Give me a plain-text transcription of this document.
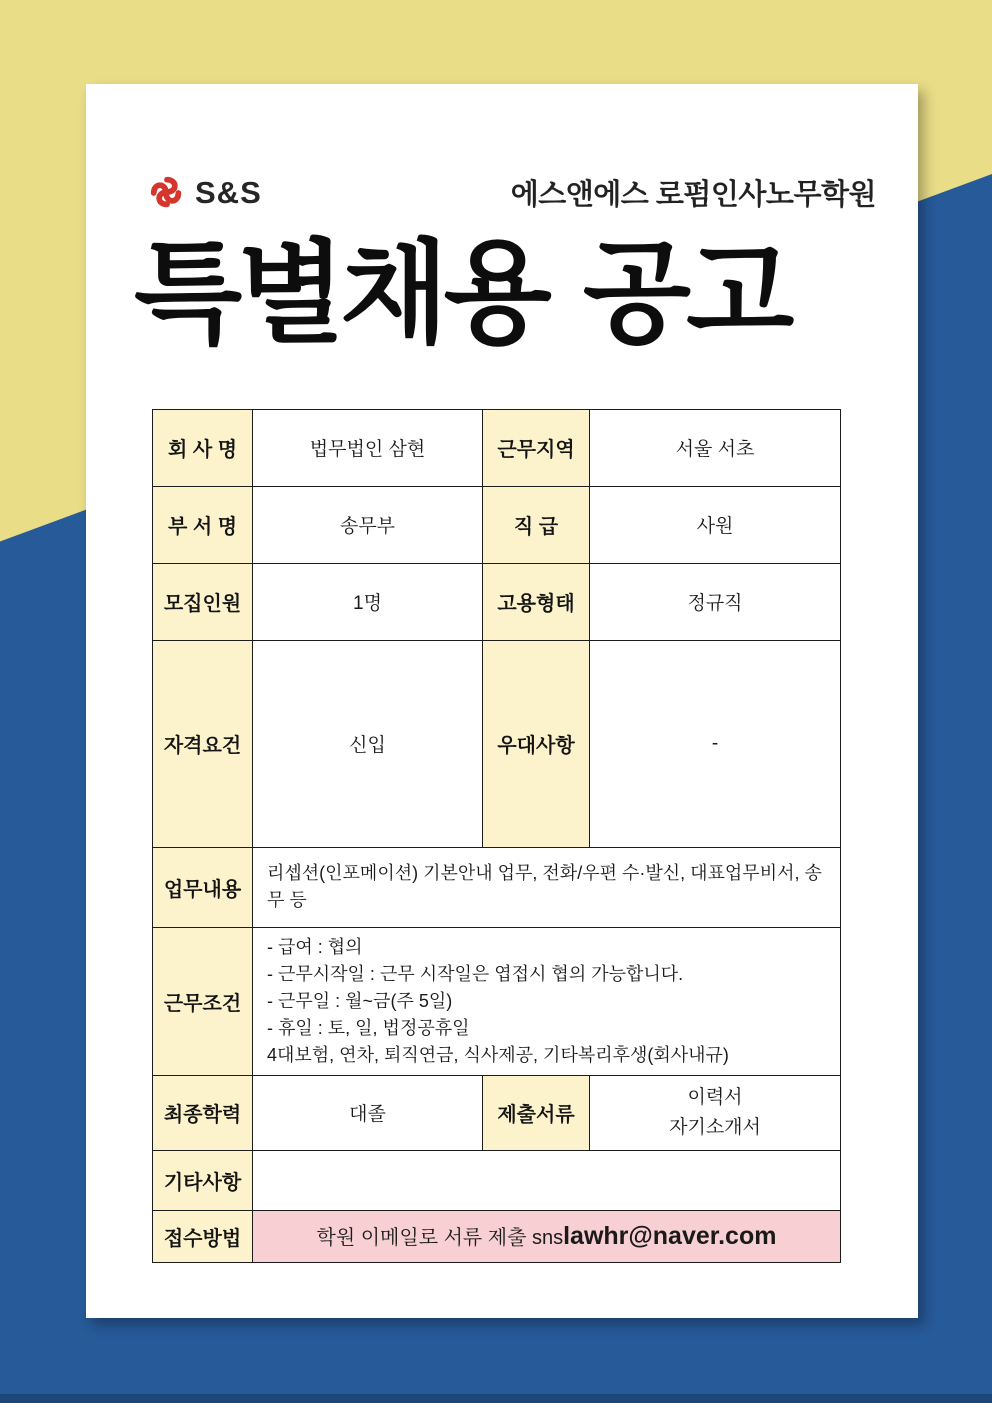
S&S	에스앤에스 로펌인사노무학원
특별채용 공고
회 사 명	법무법인 삼현	근무지역	서울 서초
부 서 명	송무부	직 급	사원
모집인원	1명	고용형태	정규직
자격요건	신입	우대사항	-
업무내용	리셉션(인포메이션) 기본안내 업무, 전화/우편 수·발신, 대표업무비서, 송무 등		
근무조건	- 급여 : 협의
- 근무시작일 : 근무 시작일은 엽접시 협의 가능합니다.
- 근무일 : 월~금(주 5일)
- 휴일 : 토, 일, 법정공휴일
4대보험, 연차, 퇴직연금, 식사제공, 기타복리후생(회사내규)		

최종학력	대졸	제출서류	이력서
자기소개서

기타사항			
접수방법	학원 이메일로 서류 제출 snslawhr@naver.com		
